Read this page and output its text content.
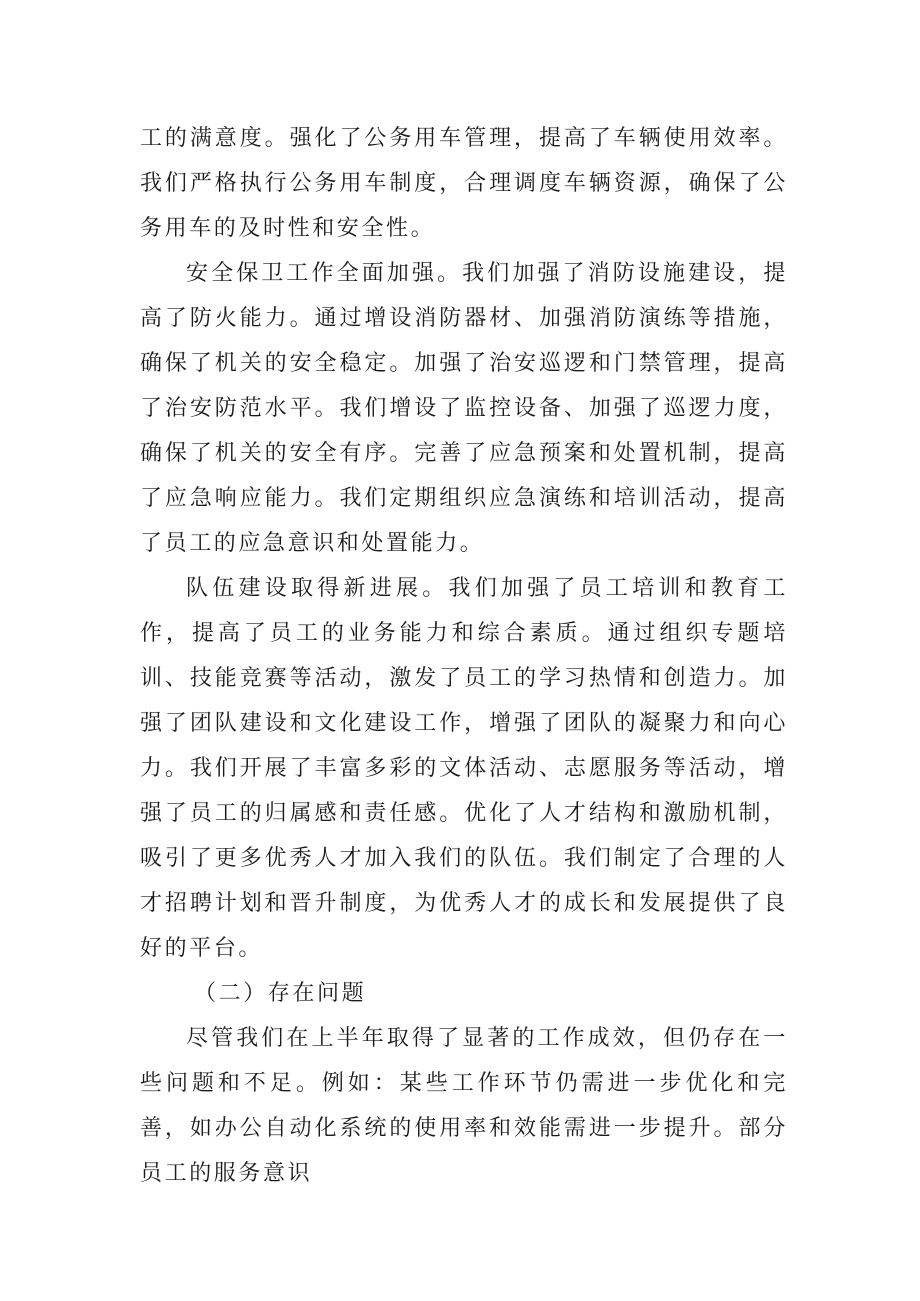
工的满意度。强化了公务用车管理，提高了车辆使用效率。我们严格执行公务用车制度，合理调度车辆资源，确保了公务用车的及时性和安全性。

安全保卫工作全面加强。我们加强了消防设施建设，提高了防火能力。通过增设消防器材、加强消防演练等措施，确保了机关的安全稳定。加强了治安巡逻和门禁管理，提高了治安防范水平。我们增设了监控设备、加强了巡逻力度，确保了机关的安全有序。完善了应急预案和处置机制，提高了应急响应能力。我们定期组织应急演练和培训活动，提高了员工的应急意识和处置能力。

队伍建设取得新进展。我们加强了员工培训和教育工作，提高了员工的业务能力和综合素质。通过组织专题培训、技能竞赛等活动，激发了员工的学习热情和创造力。加强了团队建设和文化建设工作，增强了团队的凝聚力和向心力。我们开展了丰富多彩的文体活动、志愿服务等活动，增强了员工的归属感和责任感。优化了人才结构和激励机制，吸引了更多优秀人才加入我们的队伍。我们制定了合理的人才招聘计划和晋升制度，为优秀人才的成长和发展提供了良好的平台。

（二）存在问题

尽管我们在上半年取得了显著的工作成效，但仍存在一些问题和不足。例如：某些工作环节仍需进一步优化和完善，如办公自动化系统的使用率和效能需进一步提升。部分员工的服务意识
